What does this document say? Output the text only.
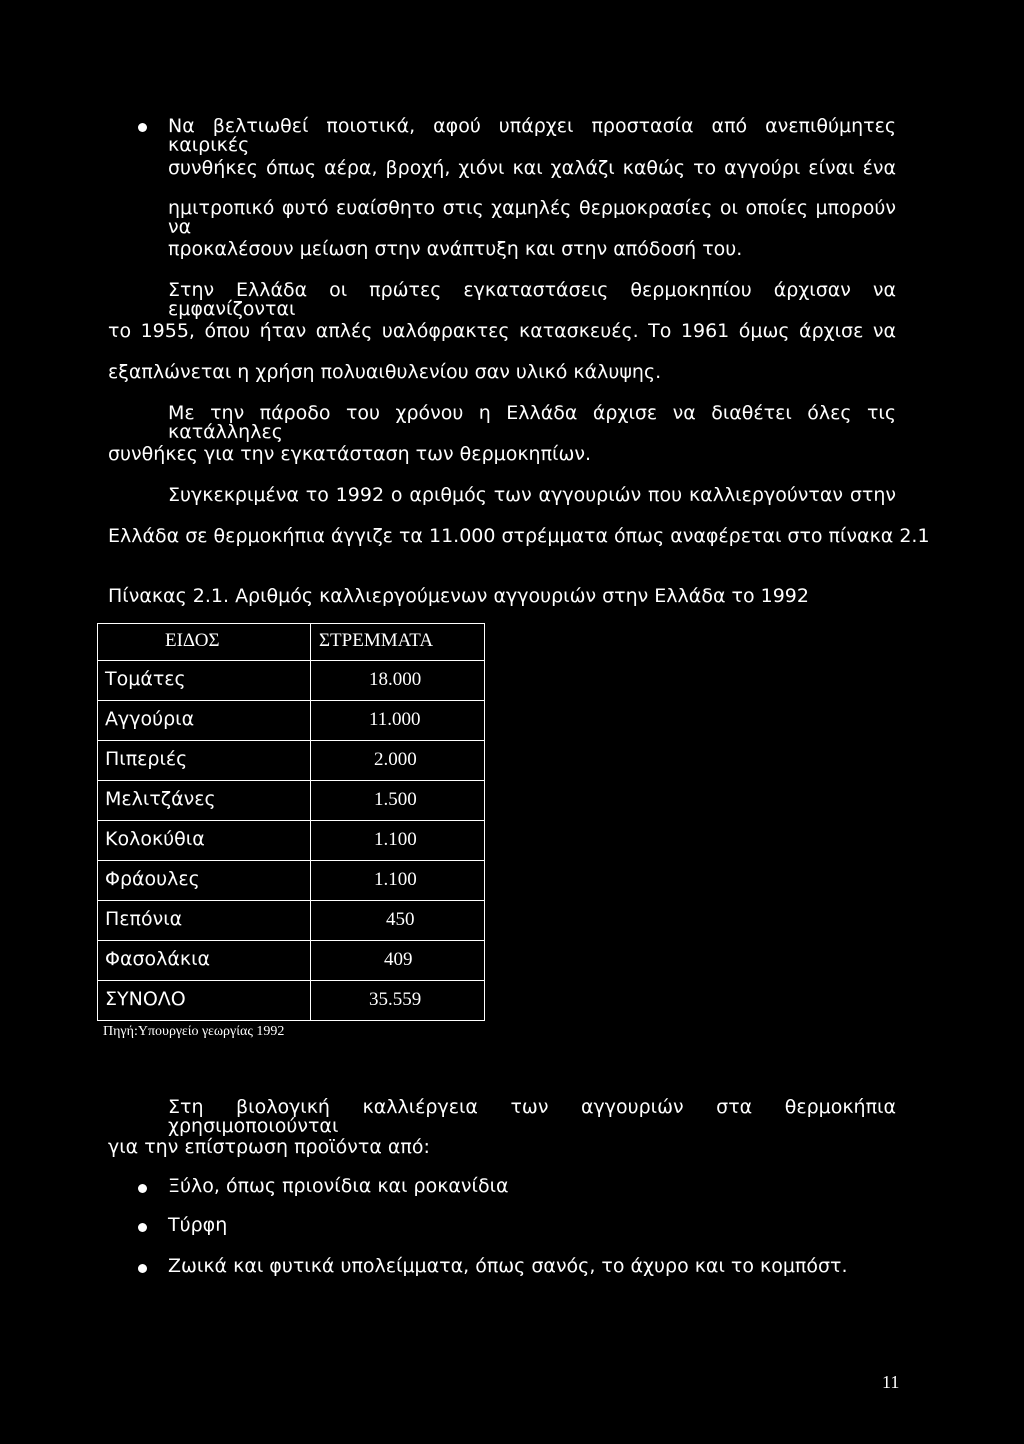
Να βελτιωθεί ποιοτικά, αφού υπάρχει προστασία από ανεπιθύμητες καιρικές
συνθήκες όπως αέρα, βροχή, χιόνι και χαλάζι καθώς το αγγούρι είναι ένα
ημιτροπικό φυτό ευαίσθητο στις χαμηλές θερμοκρασίες οι οποίες μπορούν να
προκαλέσουν μείωση στην ανάπτυξη και στην απόδοσή του.
Στην Ελλάδα οι πρώτες εγκαταστάσεις θερμοκηπίου άρχισαν να εμφανίζονται
το 1955, όπου ήταν απλές υαλόφρακτες κατασκευές. Το 1961 όμως άρχισε να
εξαπλώνεται η χρήση πολυαιθυλενίου σαν υλικό κάλυψης.
Με την πάροδο του χρόνου η Ελλάδα άρχισε να διαθέτει όλες τις κατάλληλες
συνθήκες για την εγκατάσταση των θερμοκηπίων.
Συγκεκριμένα το 1992 ο αριθμός των αγγουριών που καλλιεργούνταν στην
Ελλάδα σε θερμοκήπια άγγιζε τα 11.000 στρέμματα όπως αναφέρεται στο πίνακα 2.1
Πίνακας 2.1. Αριθμός καλλιεργούμενων αγγουριών στην Ελλάδα το 1992
ΕΙΔΟΣ	ΣΤΡΕΜΜΑΤΑ
Τομάτες	18.000
Αγγούρια	11.000
Πιπεριές	2.000
Μελιτζάνες	1.500
Κολοκύθια	1.100
Φράουλες	1.100
Πεπόνια	450
Φασολάκια	409
ΣΥΝΟΛΟ	35.559
Πηγή:Υπουργείο γεωργίας 1992
Στη βιολογική καλλιέργεια των αγγουριών στα θερμοκήπια χρησιμοποιούνται
για την επίστρωση προϊόντα από:
Ξύλο, όπως πριονίδια και ροκανίδια
Τύρφη
Ζωικά και φυτικά υπολείμματα, όπως σανός, το άχυρο και το κομπόστ.
11
